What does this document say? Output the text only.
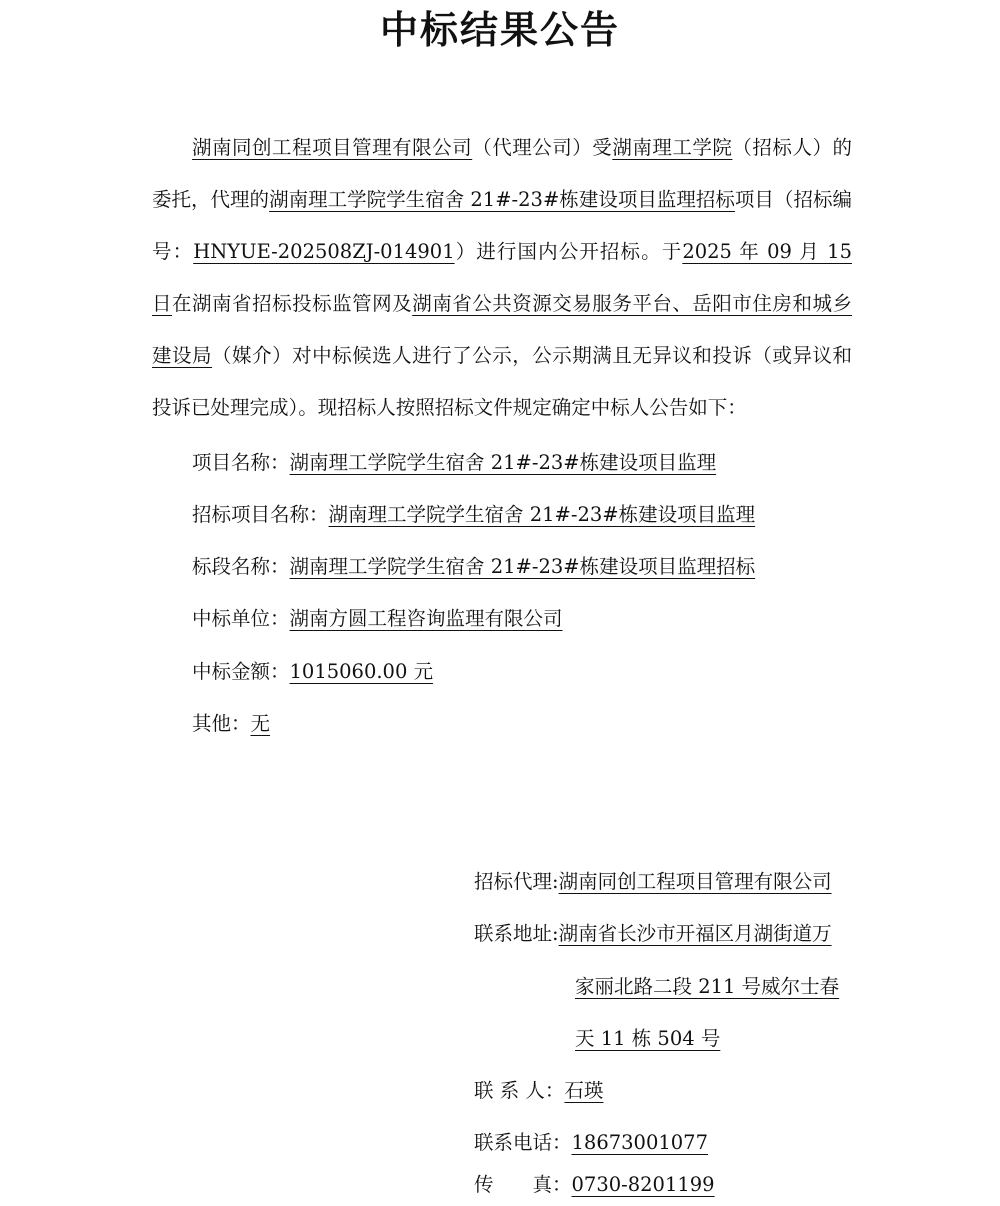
中标结果公告
湖南同创工程项目管理有限公司（代理公司）受湖南理工学院（招标人）的委托，代理的湖南理工学院学生宿舍 21#-23#栋建设项目监理招标项目（招标编号：HNYUE-202508ZJ-014901）进行国内公开招标。于2025 年 09 月 15 日在湖南省招标投标监管网及湖南省公共资源交易服务平台、岳阳市住房和城乡建设局（媒介）对中标候选人进行了公示，公示期满且无异议和投诉（或异议和投诉已处理完成）。现招标人按照招标文件规定确定中标人公告如下：
项目名称：湖南理工学院学生宿舍 21#-23#栋建设项目监理
招标项目名称：湖南理工学院学生宿舍 21#-23#栋建设项目监理
标段名称：湖南理工学院学生宿舍 21#-23#栋建设项目监理招标
中标单位：湖南方圆工程咨询监理有限公司
中标金额：1015060.00 元
其他：无
招标代理:湖南同创工程项目管理有限公司
联系地址:湖南省长沙市开福区月湖街道万
家丽北路二段 211 号威尔士春
天 11 栋 504 号
联 系 人：石瑛
联系电话：18673001077
传　　真：0730-8201199
